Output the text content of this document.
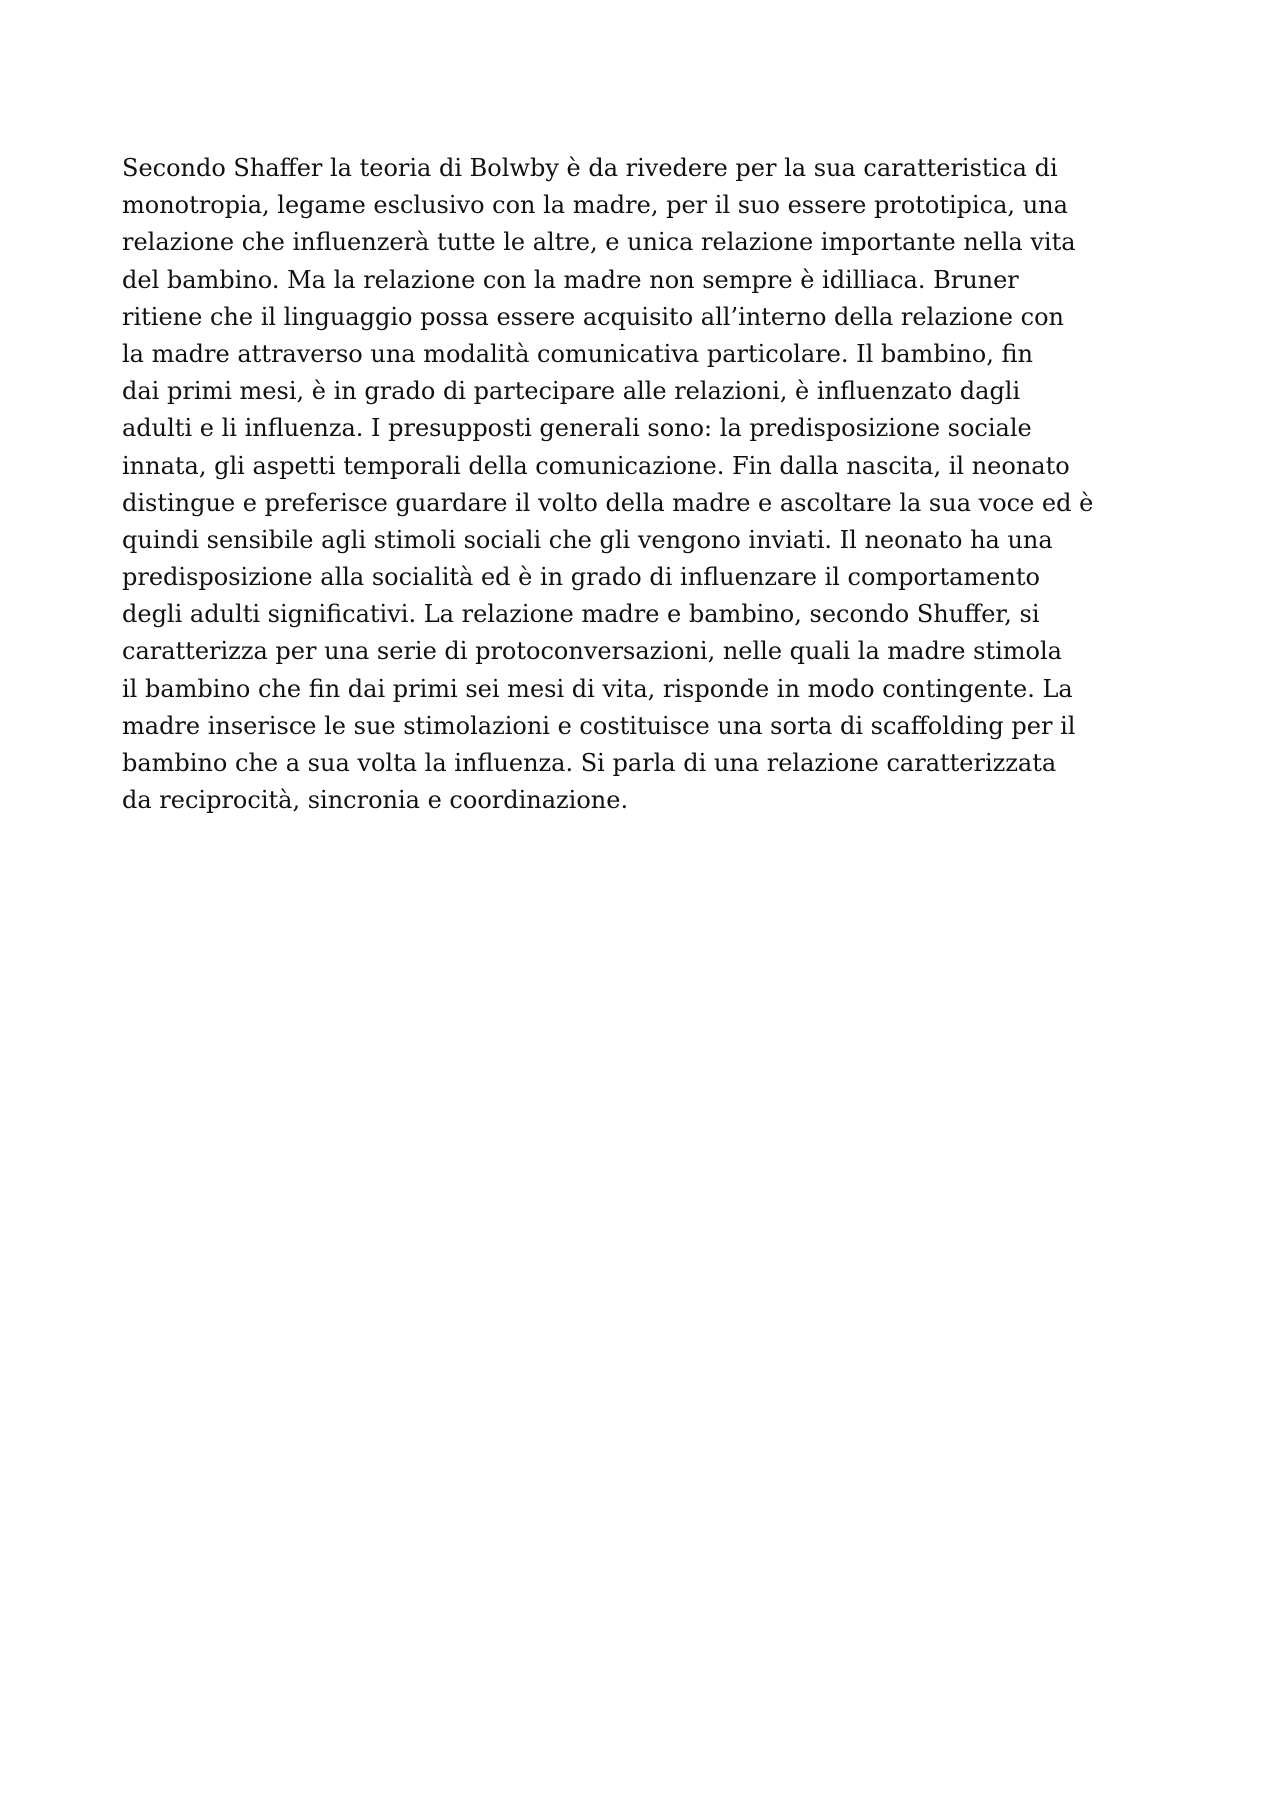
Secondo Shaffer la teoria di Bolwby è da rivedere per la sua caratteristica di
monotropia, legame esclusivo con la madre, per il suo essere prototipica, una
relazione che influenzerà tutte le altre, e unica relazione importante nella vita
del bambino. Ma la relazione con la madre non sempre è idilliaca. Bruner
ritiene che il linguaggio possa essere acquisito all’interno della relazione con
la madre attraverso una modalità comunicativa particolare. Il bambino, fin
dai primi mesi, è in grado di partecipare alle relazioni, è influenzato dagli
adulti e li influenza. I presupposti generali sono: la predisposizione sociale
innata, gli aspetti temporali della comunicazione. Fin dalla nascita, il neonato
distingue e preferisce guardare il volto della madre e ascoltare la sua voce ed è
quindi sensibile agli stimoli sociali che gli vengono inviati. Il neonato ha una
predisposizione alla socialità ed è in grado di influenzare il comportamento
degli adulti significativi. La relazione madre e bambino, secondo Shuffer, si
caratterizza per una serie di protoconversazioni, nelle quali la madre stimola
il bambino che fin dai primi sei mesi di vita, risponde in modo contingente. La
madre inserisce le sue stimolazioni e costituisce una sorta di scaffolding per il
bambino che a sua volta la influenza. Si parla di una relazione caratterizzata
da reciprocità, sincronia e coordinazione.
